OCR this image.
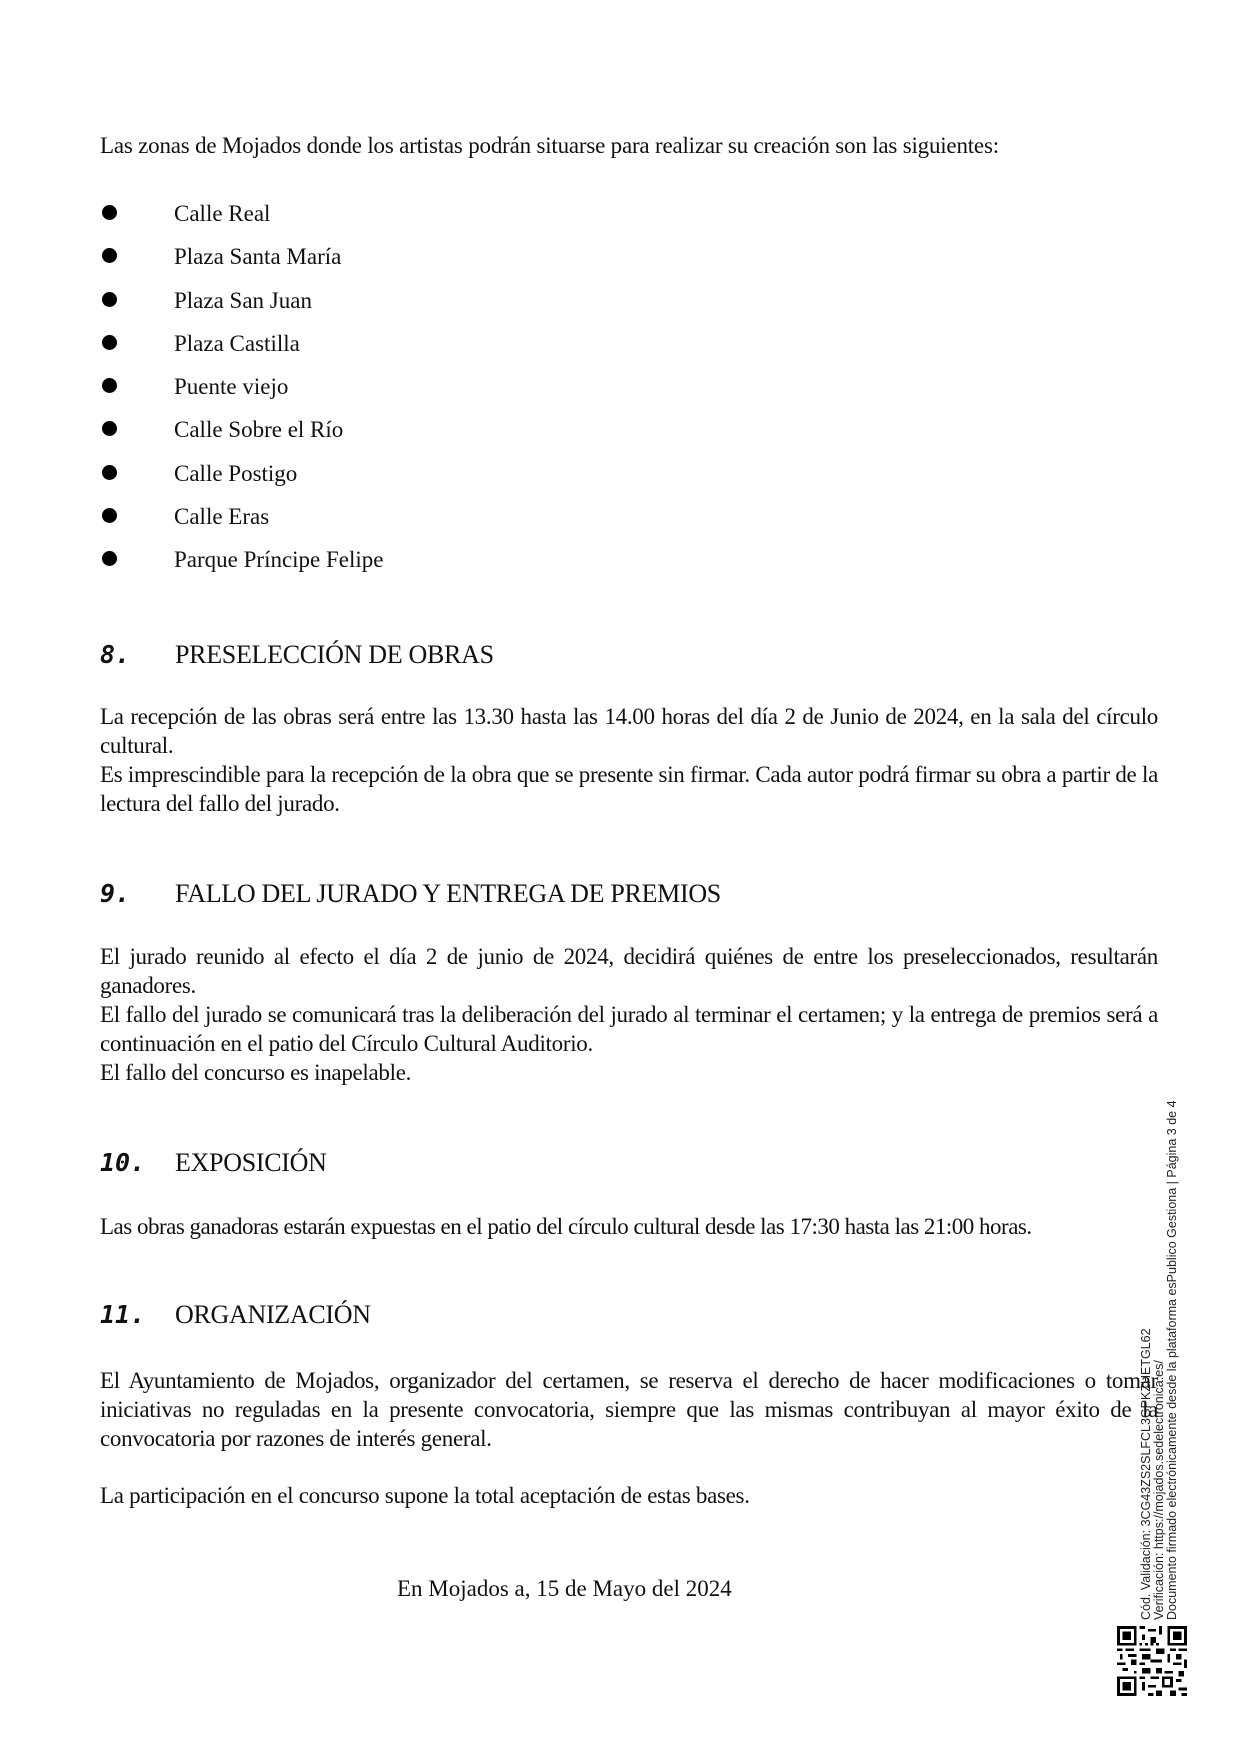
Las zonas de Mojados donde los artistas podrán situarse para realizar su creación son las siguientes:
Calle Real
Plaza Santa María
Plaza San Juan
Plaza Castilla
Puente viejo
Calle Sobre el Río
Calle Postigo
Calle Eras
Parque Príncipe Felipe
8.	PRESELECCIÓN DE OBRAS

La recepción de las obras será entre las 13.30 hasta las 14.00 horas del día 2 de Junio de 2024, en la sala del círculo cultural.

Es imprescindible para la recepción de la obra que se presente sin firmar. Cada autor podrá firmar su obra a partir de la lectura del fallo del jurado.

9.	FALLO DEL JURADO Y ENTREGA DE PREMIOS

El jurado reunido al efecto el día 2 de junio de 2024, decidirá quiénes de entre los preseleccionados, resultarán ganadores.

El fallo del jurado se comunicará tras la deliberación del jurado al terminar el certamen; y la entrega de premios será a continuación en el patio del Círculo Cultural Auditorio.

El fallo del concurso es inapelable.

10.	EXPOSICIÓN

Las obras ganadoras estarán expuestas en el patio del círculo cultural desde las 17:30 hasta las 21:00 horas.

11.	ORGANIZACIÓN

El Ayuntamiento de Mojados, organizador del certamen, se reserva el derecho de hacer modificaciones o tomar iniciativas no reguladas en la presente convocatoria, siempre que las mismas contribuyan al mayor éxito de la convocatoria por razones de interés general.

La participación en el concurso supone la total aceptación de estas bases.

En Mojados a, 15 de Mayo del 2024	Cód. Validación: 3CG43ZS2SLFCL3GPKZHETGL62 Verificación: https://mojados.sedelectronica.es/ Documento firmado electrónicamente desde la plataforma esPublico Gestiona | Página 3 de 4
